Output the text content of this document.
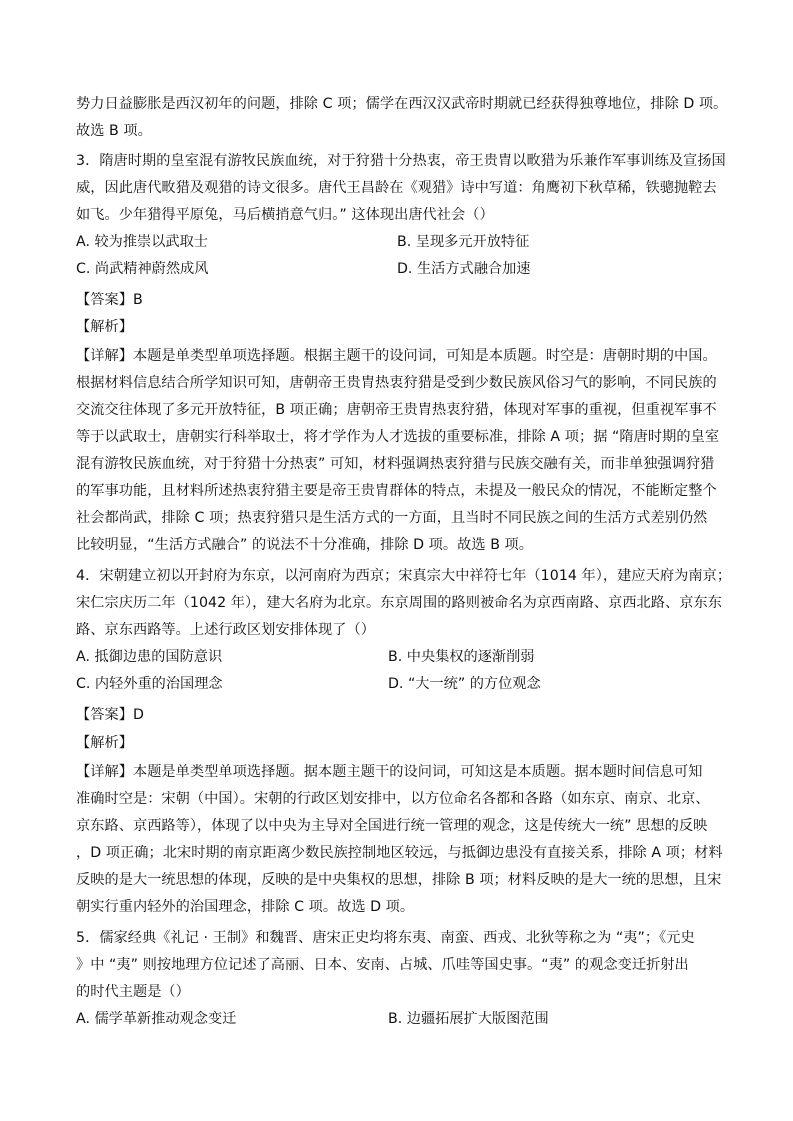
势力日益膨胀是西汉初年的问题，排除 C 项；儒学在西汉汉武帝时期就已经获得独尊地位，排除 D 项。
故选 B 项。
3．隋唐时期的皇室混有游牧民族血统，对于狩猎十分热衷，帝王贵胄以畋猎为乐兼作军事训练及宣扬国
威，因此唐代畋猎及观猎的诗文很多。唐代王昌龄在《观猎》诗中写道：角鹰初下秋草稀，铁骢抛鞚去
如飞。少年猎得平原兔，马后横捎意气归。” 这体现出唐代社会（）
A. 较为推崇以武取士	B. 呈现多元开放特征
C. 尚武精神蔚然成风	D. 生活方式融合加速
【答案】B
【解析】
【详解】本题是单类型单项选择题。根据主题干的设问词，可知是本质题。时空是：唐朝时期的中国。
根据材料信息结合所学知识可知，唐朝帝王贵胄热衷狩猎是受到少数民族风俗习气的影响，不同民族的
交流交往体现了多元开放特征，B 项正确；唐朝帝王贵胄热衷狩猎，体现对军事的重视，但重视军事不
等于以武取士，唐朝实行科举取士，将才学作为人才选拔的重要标准，排除 A 项；据 “隋唐时期的皇室
混有游牧民族血统，对于狩猎十分热衷” 可知，材料强调热衷狩猎与民族交融有关，而非单独强调狩猎
的军事功能，且材料所述热衷狩猎主要是帝王贵胄群体的特点，未提及一般民众的情况，不能断定整个
社会都尚武，排除 C 项；热衷狩猎只是生活方式的一方面，且当时不同民族之间的生活方式差别仍然
比较明显，“生活方式融合” 的说法不十分准确，排除 D 项。故选 B 项。
4．宋朝建立初以开封府为东京，以河南府为西京；宋真宗大中祥符七年（1014 年），建应天府为南京；
宋仁宗庆历二年（1042 年），建大名府为北京。东京周围的路则被命名为京西南路、京西北路、京东东
路、京东西路等。上述行政区划安排体现了（）
A. 抵御边患的国防意识	B. 中央集权的逐渐削弱
C. 内轻外重的治国理念	D. “大一统” 的方位观念
【答案】D
【解析】
【详解】本题是单类型单项选择题。据本题主题干的设问词，可知这是本质题。据本题时间信息可知
准确时空是：宋朝（中国）。宋朝的行政区划安排中，以方位命名各都和各路（如东京、南京、北京、
京东路、京西路等），体现了以中央为主导对全国进行统一管理的观念，这是传统大一统” 思想的反映
，D 项正确；北宋时期的南京距离少数民族控制地区较远，与抵御边患没有直接关系，排除 A 项；材料
反映的是大一统思想的体现，反映的是中央集权的思想，排除 B 项；材料反映的是大一统的思想，且宋
朝实行重内轻外的治国理念，排除 C 项。故选 D 项。
5．儒家经典《礼记 · 王制》和魏晋、唐宋正史均将东夷、南蛮、西戎、北狄等称之为 “夷”；《元史
》中 “夷” 则按地理方位记述了高丽、日本、安南、占城、爪哇等国史事。“夷” 的观念变迁折射出
的时代主题是（）
A. 儒学革新推动观念变迁	B. 边疆拓展扩大版图范围
